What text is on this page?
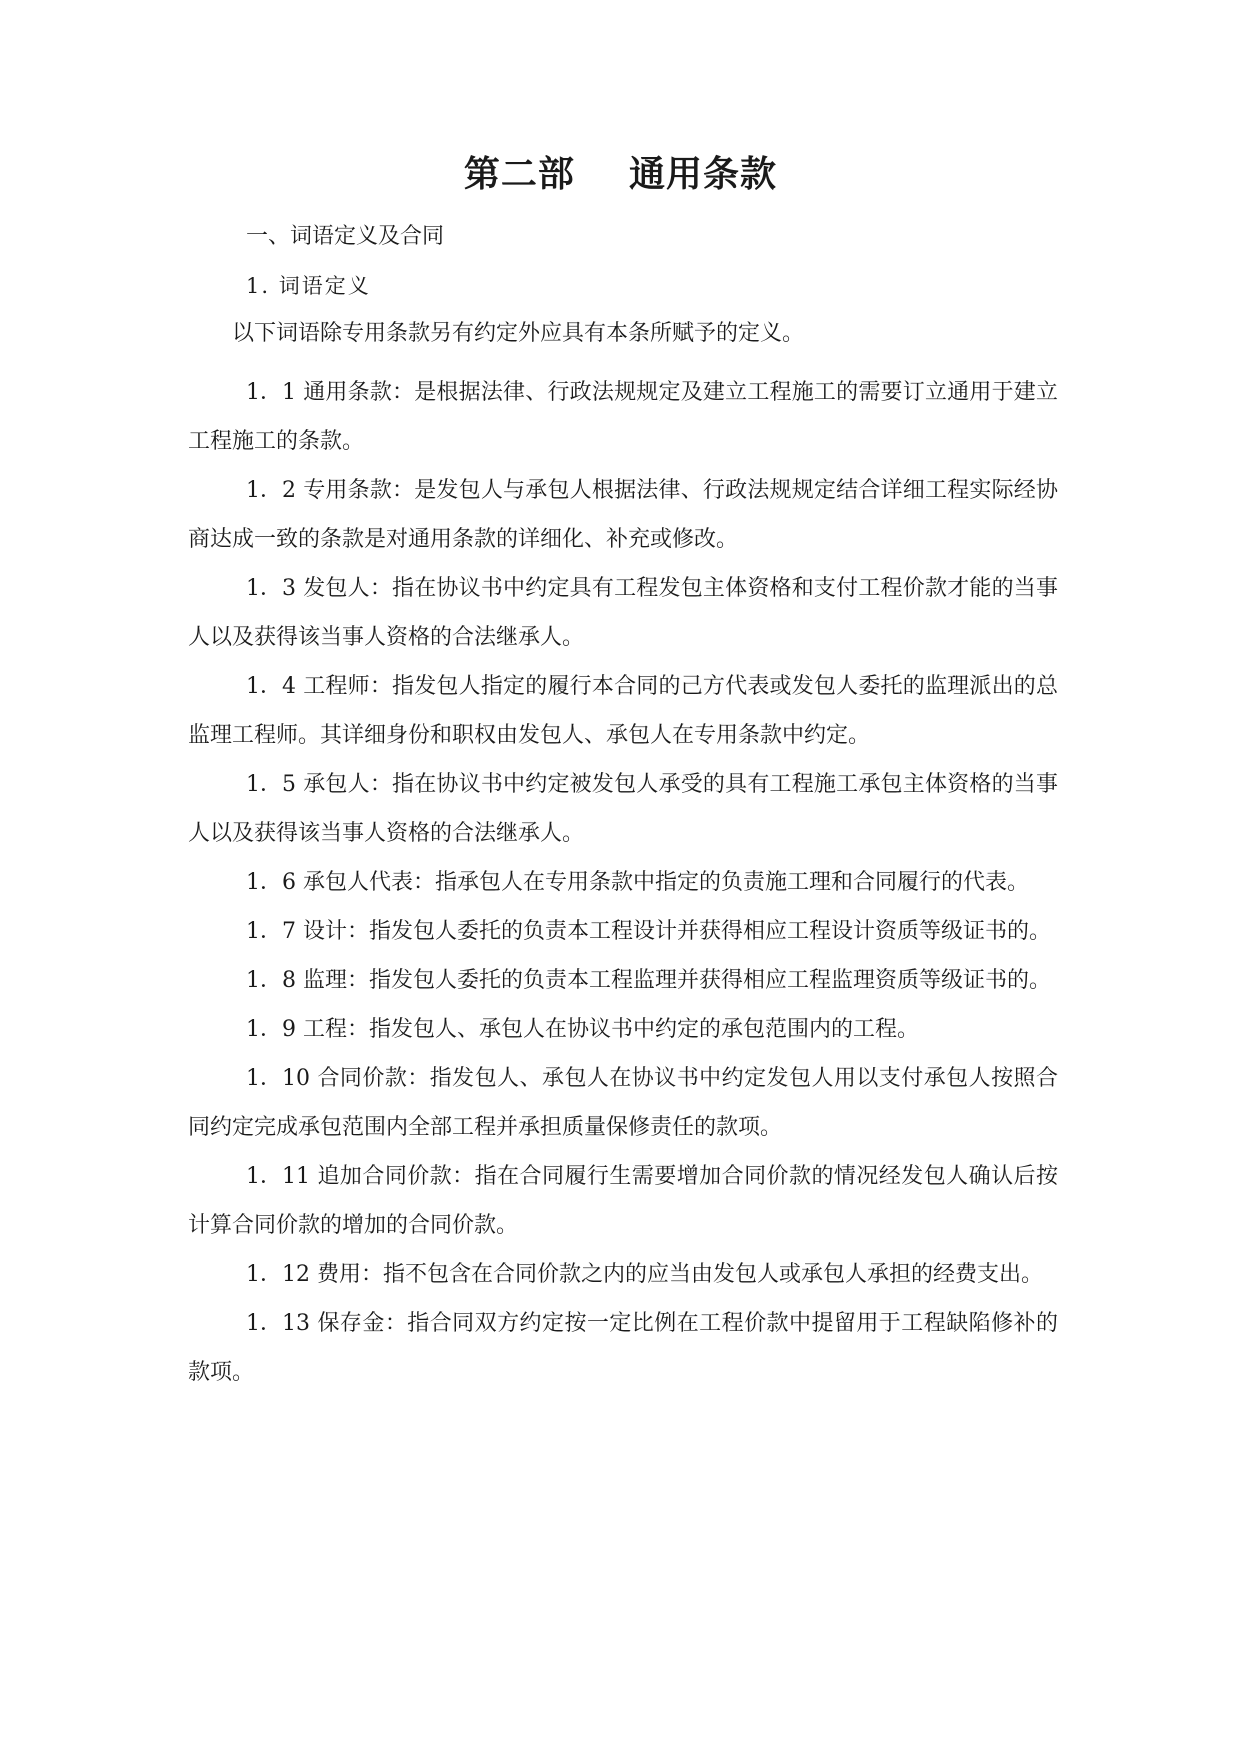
第二部    通用条款
一、词语定义及合同
1. 词语定义
以下词语除专用条款另有约定外应具有本条所赋予的定义。

1．1 通用条款：是根据法律、行政法规规定及建立工程施工的需要订立通用于建立工程施工的条款。

1．2 专用条款：是发包人与承包人根据法律、行政法规规定结合详细工程实际经协商达成一致的条款是对通用条款的详细化、补充或修改。

1．3 发包人：指在协议书中约定具有工程发包主体资格和支付工程价款才能的当事人以及获得该当事人资格的合法继承人。

1．4 工程师：指发包人指定的履行本合同的己方代表或发包人委托的监理派出的总监理工程师。其详细身份和职权由发包人、承包人在专用条款中约定。

1．5 承包人：指在协议书中约定被发包人承受的具有工程施工承包主体资格的当事人以及获得该当事人资格的合法继承人。

1．6 承包人代表：指承包人在专用条款中指定的负责施工理和合同履行的代表。

1．7 设计：指发包人委托的负责本工程设计并获得相应工程设计资质等级证书的。

1．8 监理：指发包人委托的负责本工程监理并获得相应工程监理资质等级证书的。

1．9 工程：指发包人、承包人在协议书中约定的承包范围内的工程。

1．10 合同价款：指发包人、承包人在协议书中约定发包人用以支付承包人按照合同约定完成承包范围内全部工程并承担质量保修责任的款项。

1．11 追加合同价款：指在合同履行生需要增加合同价款的情况经发包人确认后按计算合同价款的增加的合同价款。

1．12 费用：指不包含在合同价款之内的应当由发包人或承包人承担的经费支出。

1．13 保存金：指合同双方约定按一定比例在工程价款中提留用于工程缺陷修补的款项。
